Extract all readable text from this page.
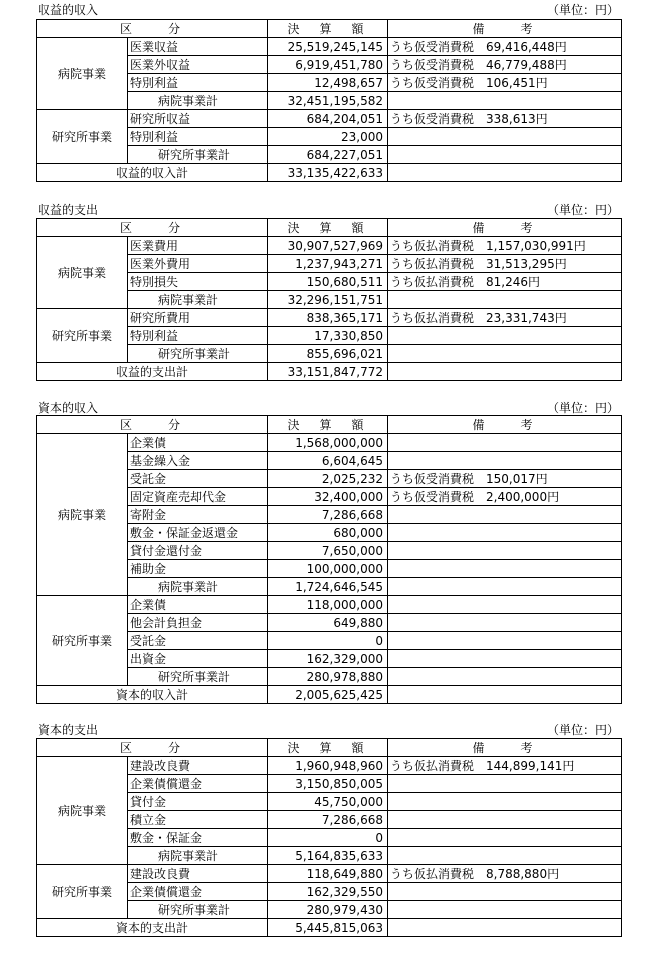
収益的収入	（単位：円）
区　　分		決　算　額	備　　考
病院事業	医業収益	25,519,245,145	うち仮受消費税　69,416,448円
	医業外収益	6,919,451,780	うち仮受消費税　46,779,488円
	特別利益	12,498,657	うち仮受消費税　106,451円
	病院事業計	32,451,195,582	
研究所事業	研究所収益	684,204,051	うち仮受消費税　338,613円
	特別利益	23,000	
	研究所事業計	684,227,051	
収益的収入計		33,135,422,633	
収益的支出	（単位：円）
区　　分		決　算　額	備　　考
病院事業	医業費用	30,907,527,969	うち仮払消費税　1,157,030,991円
	医業外費用	1,237,943,271	うち仮払消費税　31,513,295円
	特別損失	150,680,511	うち仮払消費税　81,246円
	病院事業計	32,296,151,751	
研究所事業	研究所費用	838,365,171	うち仮払消費税　23,331,743円
	特別利益	17,330,850	
	研究所事業計	855,696,021	
収益的支出計		33,151,847,772	
資本的収入	（単位：円）
区　　分		決　算　額	備　　考
病院事業	企業債	1,568,000,000	
	基金繰入金	6,604,645	
	受託金	2,025,232	うち仮受消費税　150,017円
	固定資産売却代金	32,400,000	うち仮受消費税　2,400,000円
	寄附金	7,286,668	
	敷金・保証金返還金	680,000	
	貸付金還付金	7,650,000	
	補助金	100,000,000	
	病院事業計	1,724,646,545	
研究所事業	企業債	118,000,000	
	他会計負担金	649,880	
	受託金	0	
	出資金	162,329,000	
	研究所事業計	280,978,880	
資本的収入計		2,005,625,425	
資本的支出	（単位：円）
区　　分		決　算　額	備　　考
病院事業	建設改良費	1,960,948,960	うち仮払消費税　144,899,141円
	企業債償還金	3,150,850,005	
	貸付金	45,750,000	
	積立金	7,286,668	
	敷金・保証金	0	
	病院事業計	5,164,835,633	
研究所事業	建設改良費	118,649,880	うち仮払消費税　8,788,880円
	企業債償還金	162,329,550	
	研究所事業計	280,979,430	
資本的支出計		5,445,815,063	
